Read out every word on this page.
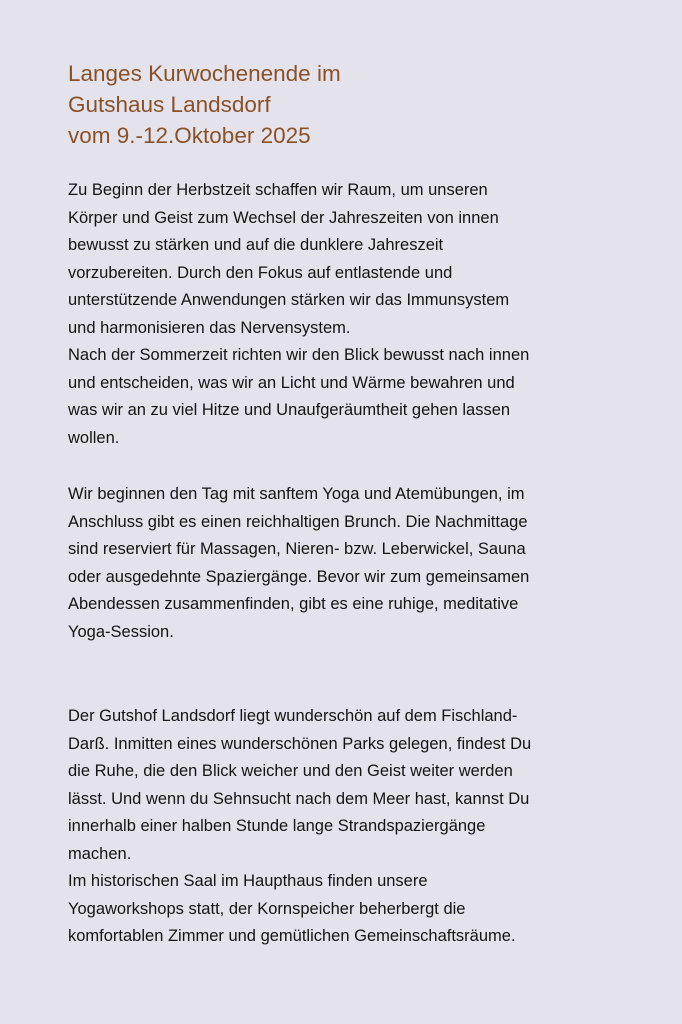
Langes Kurwochenende im
Gutshaus Landsdorf
vom 9.-12.Oktober 2025

Zu Beginn der Herbstzeit schaffen wir Raum, um unseren
Körper und Geist zum Wechsel der Jahreszeiten von innen
bewusst zu stärken und auf die dunklere Jahreszeit
vorzubereiten. Durch den Fokus auf entlastende und
unterstützende Anwendungen stärken wir das Immunsystem
und harmonisieren das Nervensystem.
Nach der Sommerzeit richten wir den Blick bewusst nach innen
und entscheiden, was wir an Licht und Wärme bewahren und
was wir an zu viel Hitze und Unaufgeräumtheit gehen lassen
wollen.

Wir beginnen den Tag mit sanftem Yoga und Atemübungen, im
Anschluss gibt es einen reichhaltigen Brunch. Die Nachmittage
sind reserviert für Massagen, Nieren- bzw. Leberwickel, Sauna
oder ausgedehnte Spaziergänge. Bevor wir zum gemeinsamen
Abendessen zusammenfinden, gibt es eine ruhige, meditative
Yoga-Session.

Der Gutshof Landsdorf liegt wunderschön auf dem Fischland-
Darß. Inmitten eines wunderschönen Parks gelegen, findest Du
die Ruhe, die den Blick weicher und den Geist weiter werden
lässt. Und wenn du Sehnsucht nach dem Meer hast, kannst Du
innerhalb einer halben Stunde lange Strandspaziergänge
machen.
Im historischen Saal im Haupthaus finden unsere
Yogaworkshops statt, der Kornspeicher beherbergt die
komfortablen Zimmer und gemütlichen Gemeinschaftsräume.
